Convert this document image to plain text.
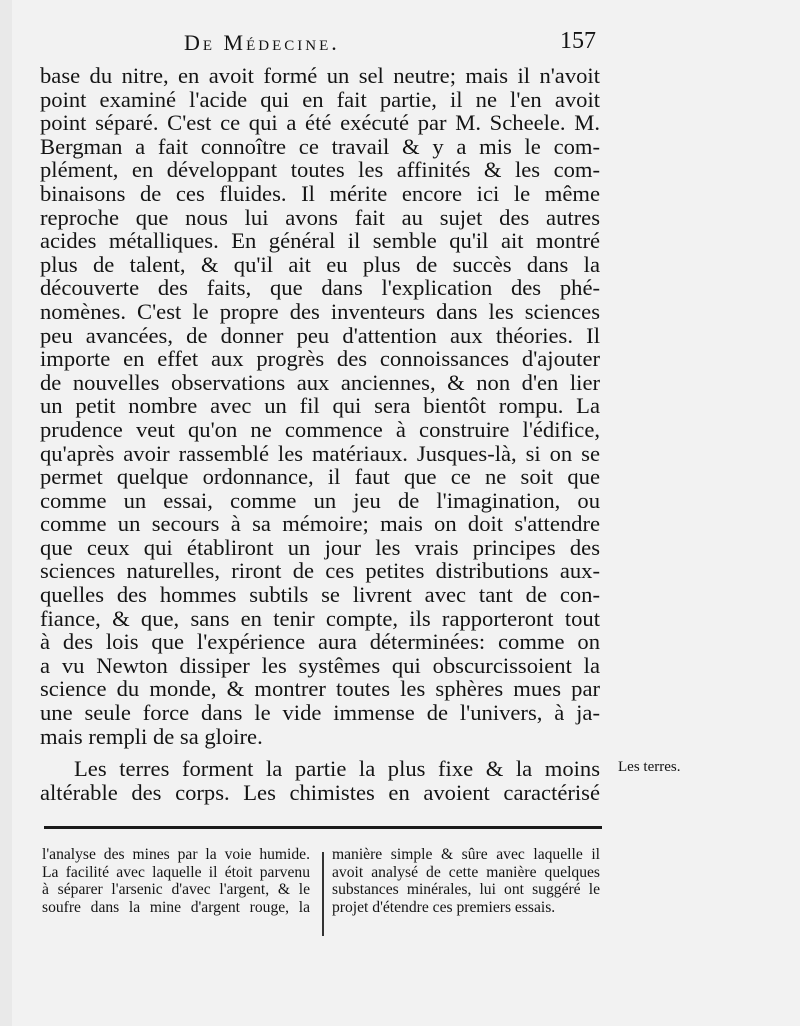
De Médecine.	157
base du nitre, en avoit formé un sel neutre; mais il n'avoit
point examiné l'acide qui en fait partie, il ne l'en avoit
point séparé. C'est ce qui a été exécuté par M. Scheele. M.
Bergman a fait connoître ce travail & y a mis le com-
plément, en développant toutes les affinités & les com-
binaisons de ces fluides. Il mérite encore ici le même
reproche que nous lui avons fait au sujet des autres
acides métalliques. En général il semble qu'il ait montré
plus de talent, & qu'il ait eu plus de succès dans la
découverte des faits, que dans l'explication des phé-
nomènes. C'est le propre des inventeurs dans les sciences
peu avancées, de donner peu d'attention aux théories. Il
importe en effet aux progrès des connoissances d'ajouter
de nouvelles observations aux anciennes, & non d'en lier
un petit nombre avec un fil qui sera bientôt rompu. La
prudence veut qu'on ne commence à construire l'édifice,
qu'après avoir rassemblé les matériaux. Jusques-là, si on se
permet quelque ordonnance, il faut que ce ne soit que
comme un essai, comme un jeu de l'imagination, ou
comme un secours à sa mémoire; mais on doit s'attendre
que ceux qui établiront un jour les vrais principes des
sciences naturelles, riront de ces petites distributions aux-
quelles des hommes subtils se livrent avec tant de con-
fiance, & que, sans en tenir compte, ils rapporteront tout
à des lois que l'expérience aura déterminées: comme on
a vu Newton dissiper les systêmes qui obscurcissoient la
science du monde, & montrer toutes les sphères mues par
une seule force dans le vide immense de l'univers, à ja-
mais rempli de sa gloire.
Les terres forment la partie la plus fixe & la moins
altérable des corps. Les chimistes en avoient caractérisé
Les terres.
l'analyse des mines par la voie humide.
La facilité avec laquelle il étoit parvenu
à séparer l'arsenic d'avec l'argent, & le
soufre dans la mine d'argent rouge, la
manière simple & sûre avec laquelle il
avoit analysé de cette manière quelques
substances minérales, lui ont suggéré le
projet d'étendre ces premiers essais.
